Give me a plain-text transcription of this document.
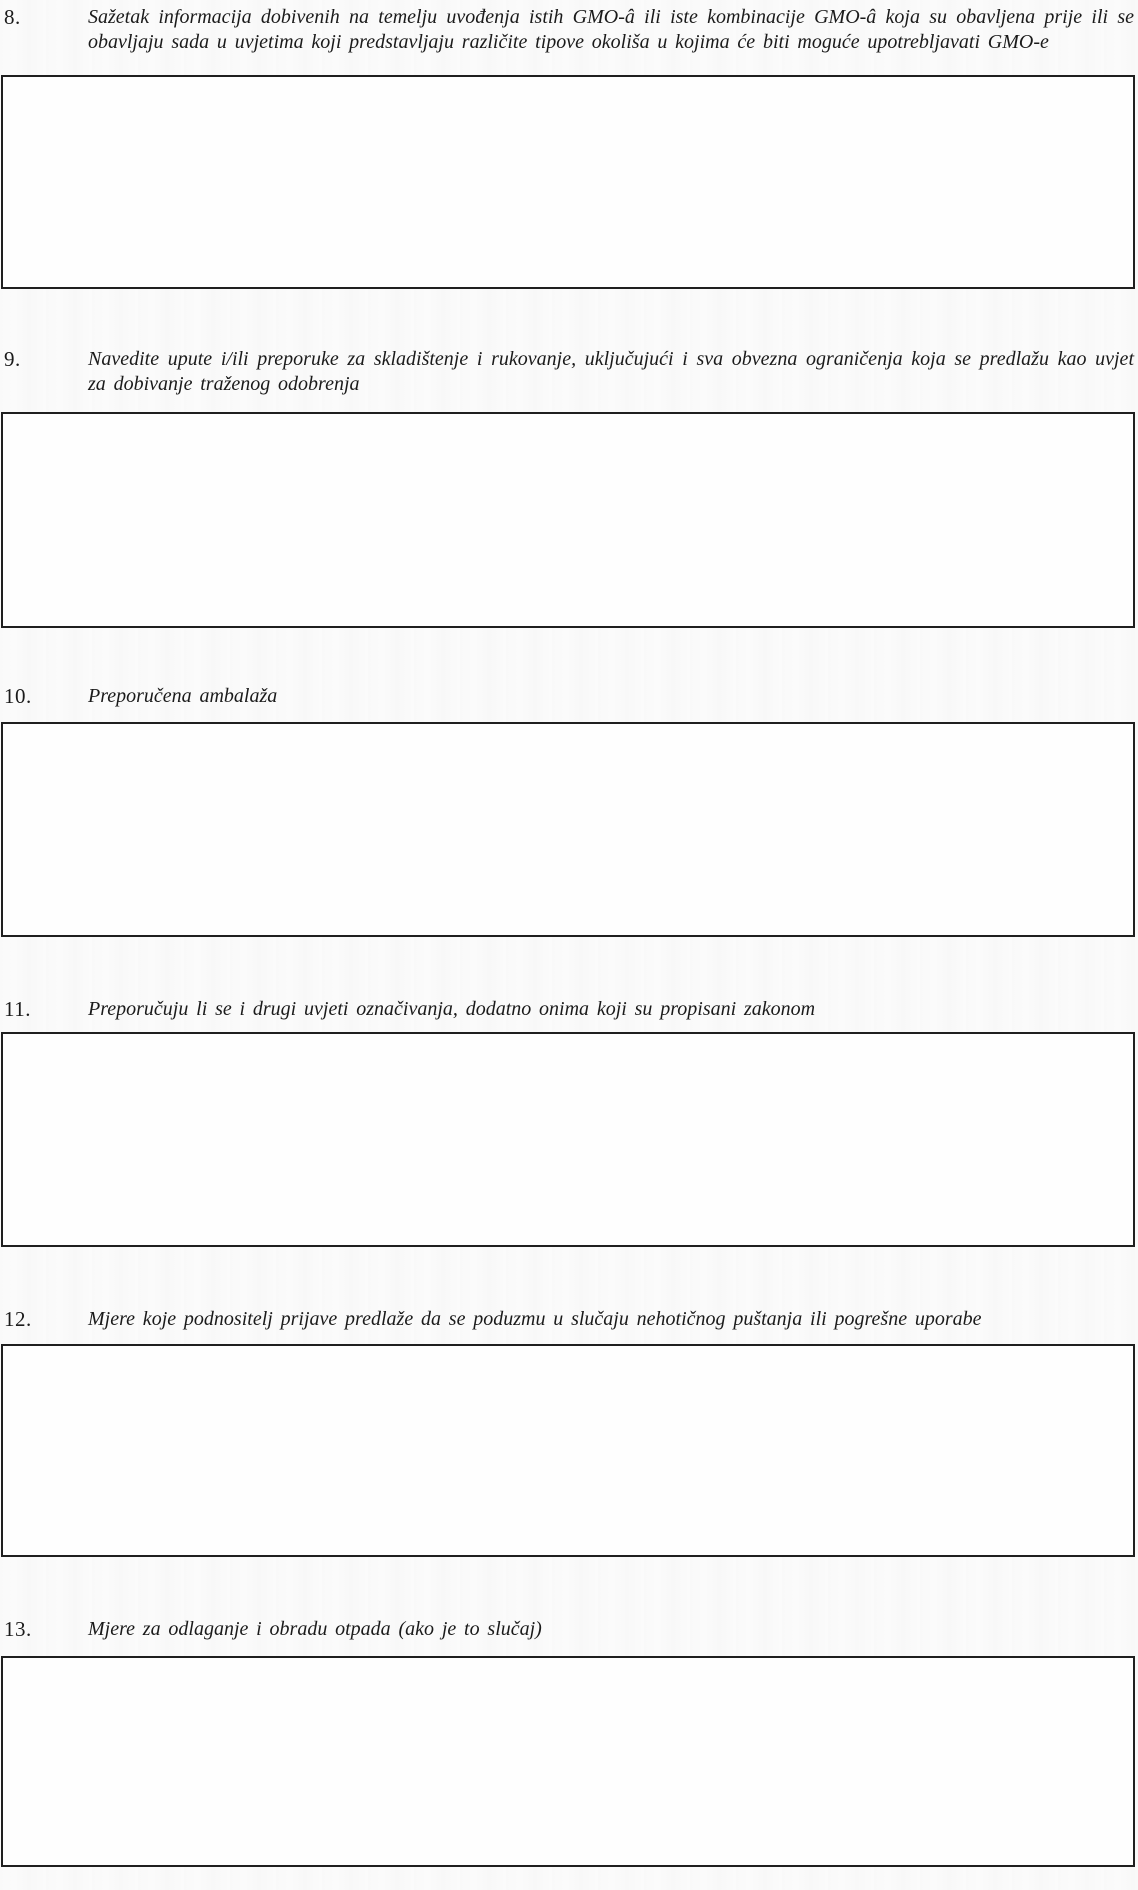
8.	Sažetak informacija dobivenih na temelju uvođenja istih GMO-â ili iste kombinacije GMO-â koja su obavljena prije ili se obavljaju sada u uvjetima koji predstavljaju različite tipove okoliša u kojima će biti moguće upotrebljavati GMO-e
9.	Navedite upute i/ili preporuke za skladištenje i rukovanje, uključujući i sva obvezna ograničenja koja se predlažu kao uvjet za dobivanje traženog odobrenja
10.	Preporučena ambalaža
11.	Preporučuju li se i drugi uvjeti označivanja, dodatno onima koji su propisani zakonom
12.	Mjere koje podnositelj prijave predlaže da se poduzmu u slučaju nehotičnog puštanja ili pogrešne uporabe
13.	Mjere za odlaganje i obradu otpada (ako je to slučaj)
